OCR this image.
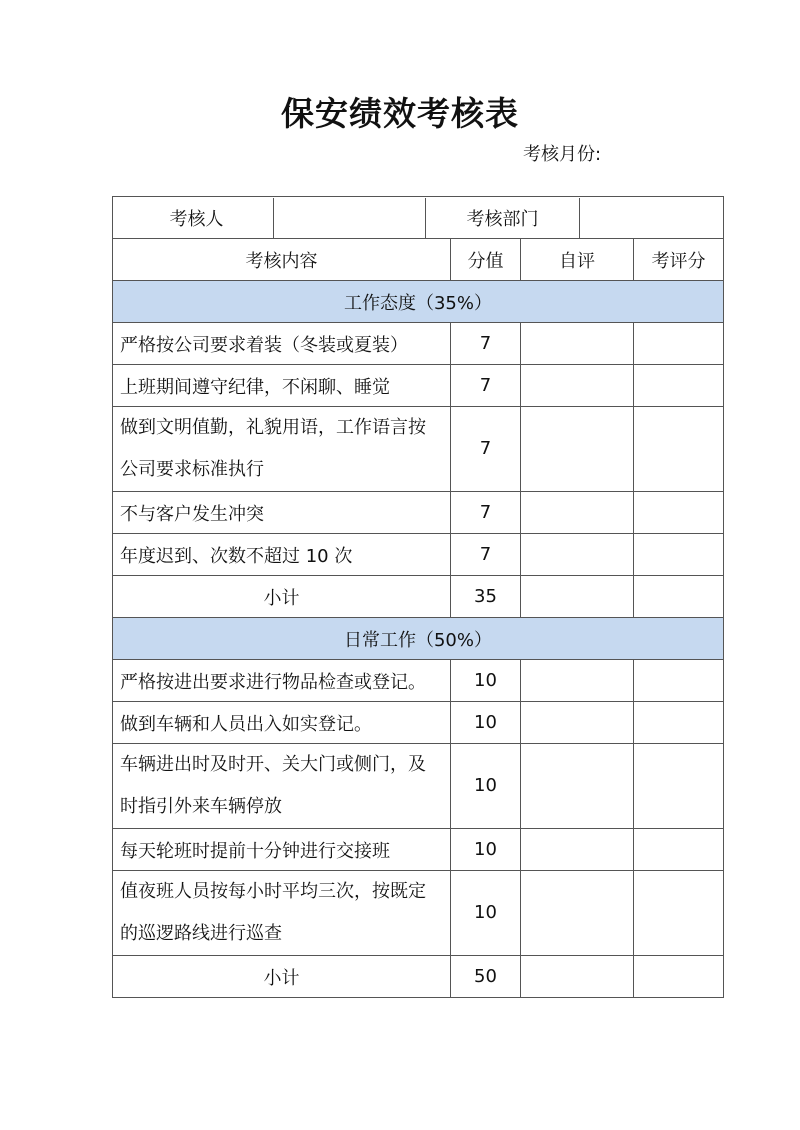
保安绩效考核表
考核月份:
考核人		考核部门	

考核内容	分值	自评	考评分
工作态度（35%）
严格按公司要求着装（冬装或夏装）	7		
上班期间遵守纪律，不闲聊、睡觉	7		
做到文明值勤，礼貌用语，工作语言按公司要求标准执行	7		
不与客户发生冲突	7		
年度迟到、次数不超过 10 次	7		
小计	35		
日常工作（50%）
严格按进出要求进行物品检查或登记。	10		
做到车辆和人员出入如实登记。	10		
车辆进出时及时开、关大门或侧门，及时指引外来车辆停放	10		
每天轮班时提前十分钟进行交接班	10		
值夜班人员按每小时平均三次，按既定的巡逻路线进行巡查	10		
小计	50		
